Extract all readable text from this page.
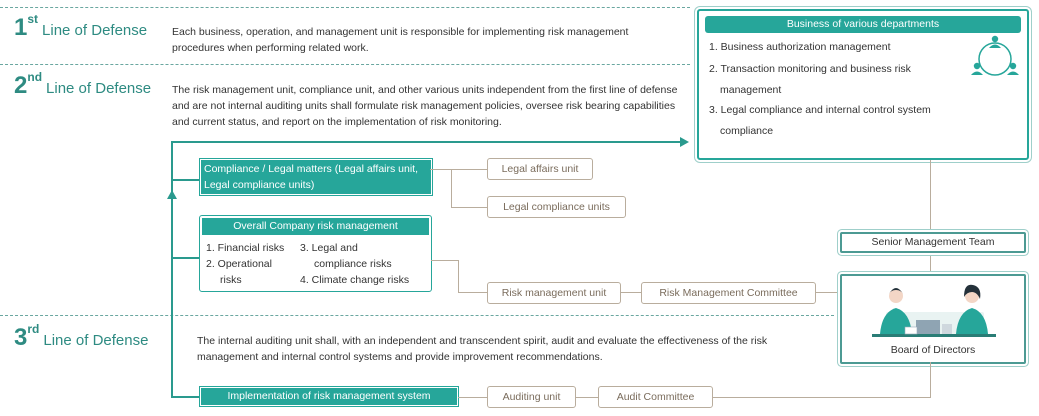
1stLine of Defense Each business, operation, and management unit is responsible for implementing risk management procedures when performing related work.
2ndLine of Defense The risk management unit, compliance unit, and other various units independent from the first line of defense and are not internal auditing units shall formulate risk management policies, oversee risk bearing capabilities and current status, and report on the implementation of risk monitoring.
3rdLine of Defense	The internal auditing unit shall, with an independent and transcendent spirit, audit and evaluate the effectiveness of the risk management and internal control systems and provide improvement recommendations.
Business of various departments
1. Business authorization management
2. Transaction monitoring and business risk management
3. Legal compliance and internal control system compliance
Compliance / Legal matters (Legal affairs unit, Legal compliance units)
Legal affairs unit
Legal compliance units
Overall Company risk management
1. Financial risks
2. Operational
risks
3. Legal and
compliance risks
4. Climate change risks
Risk management unit	Risk Management Committee
Senior Management Team
Board of Directors
Implementation of risk management system	Auditing unit	Audit Committee
